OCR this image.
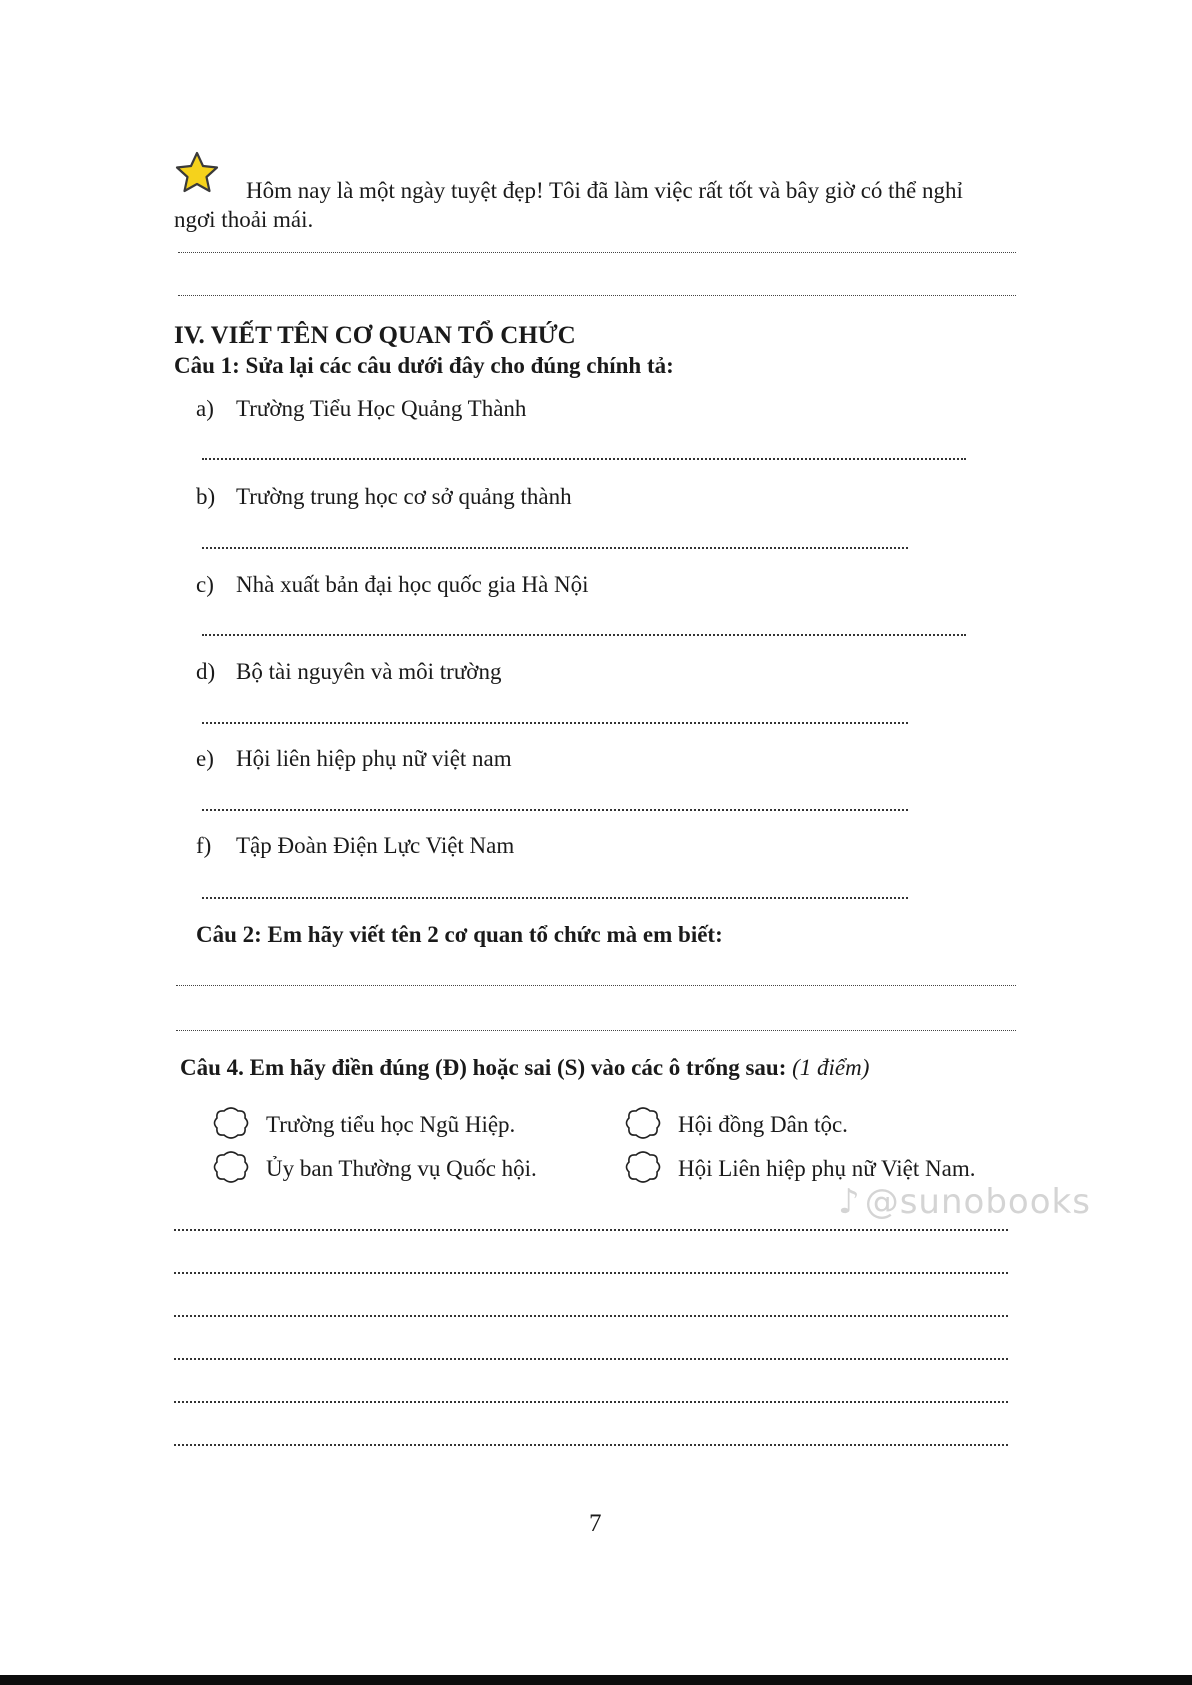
Hôm nay là một ngày tuyệt đẹp! Tôi đã làm việc rất tốt và bây giờ có thể nghỉ
ngơi thoải mái.
IV. VIẾT TÊN CƠ QUAN TỔ CHỨC
Câu 1: Sửa lại các câu dưới đây cho đúng chính tả:
a) Trường Tiểu Học Quảng Thành
b) Trường trung học cơ sở quảng thành
c) Nhà xuất bản đại học quốc gia Hà Nội
d) Bộ tài nguyên và môi trường
e) Hội liên hiệp phụ nữ việt nam
f) Tập Đoàn Điện Lực Việt Nam
Câu 2: Em hãy viết tên 2 cơ quan tổ chức mà em biết:
Câu 4. Em hãy điền đúng (Đ) hoặc sai (S) vào các ô trống sau: (1 điểm)
Trường tiểu học Ngũ Hiệp.	Hội đồng Dân tộc.
Ủy ban Thường vụ Quốc hội.	Hội Liên hiệp phụ nữ Việt Nam.
♪ @sunobooks
7
